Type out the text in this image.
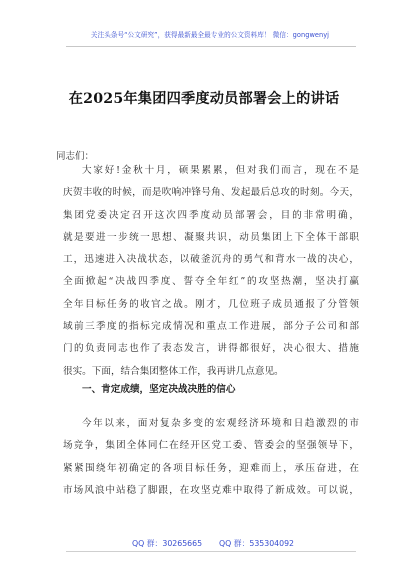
关注头条号“公文研究”，获得最新最全最专业的公文资料库！ 微信：gongwenyj
在2025年集团四季度动员部署会上的讲话
同志们：
大家好!金秋十月，硕果累累，但对我们而言，现在不是
庆贺丰收的时候，而是吹响冲锋号角、发起最后总攻的时刻。今天，
集团党委决定召开这次四季度动员部署会，目的非常明确，
就是要进一步统一思想、凝聚共识，动员集团上下全体干部职
工，迅速进入决战状态，以破釜沉舟的勇气和背水一战的决心，
全面掀起“决战四季度、誓夺全年红”的攻坚热潮，坚决打赢
全年目标任务的收官之战。刚才，几位班子成员通报了分管领
域前三季度的指标完成情况和重点工作进展，部分子公司和部
门的负责同志也作了表态发言，讲得都很好，决心很大、措施
很实。下面，结合集团整体工作，我再讲几点意见。
一、肯定成绩，坚定决战决胜的信心
今年以来，面对复杂多变的宏观经济环境和日趋激烈的市
场竞争，集团全体同仁在经开区党工委、管委会的坚强领导下，
紧紧围绕年初确定的各项目标任务，迎难而上，承压奋进，在
市场风浪中站稳了脚跟，在攻坚克难中取得了新成效。可以说，
QQ 群：30265665 QQ 群：535304092
